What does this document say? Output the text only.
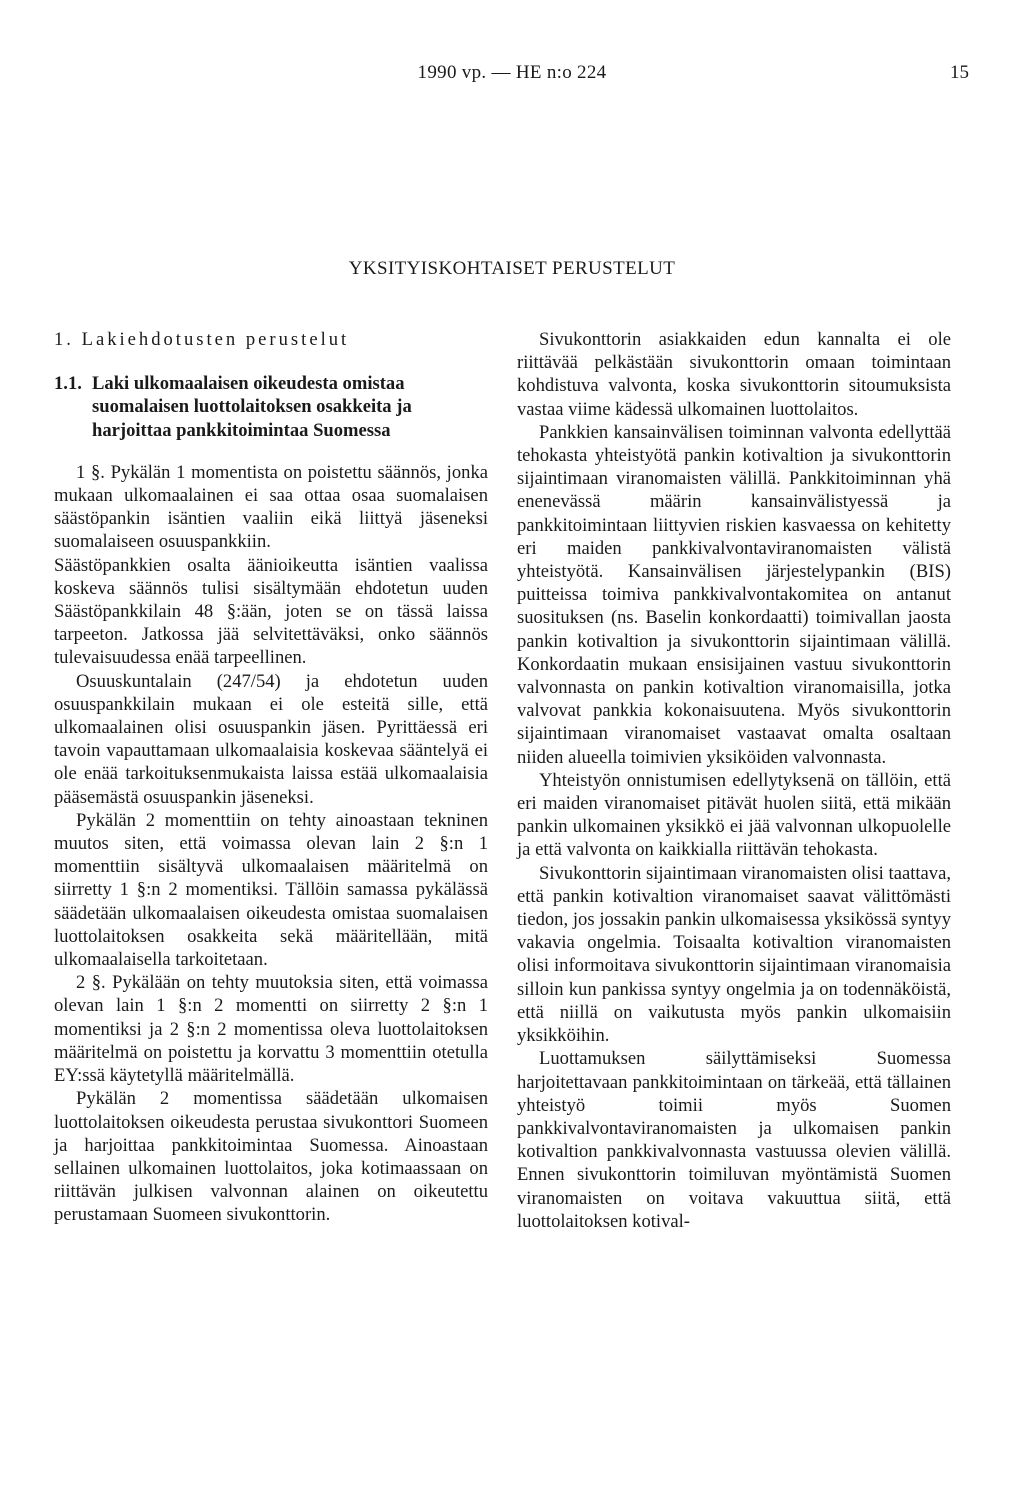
1990 vp. — HE n:o 224	15
YKSITYISKOHTAISET PERUSTELUT
1. Lakiehdotusten perustelut
1.1. Laki ulkomaalaisen oikeudesta omistaa suomalaisen luottolaitoksen osakkeita ja harjoittaa pankkitoimintaa Suomessa

1 §. Pykälän 1 momentista on poistettu säännös, jonka mukaan ulkomaalainen ei saa ottaa osaa suomalaisen säästöpankin isäntien vaaliin eikä liittyä jäseneksi suomalaiseen osuuspankkiin.

Säästöpankkien osalta äänioikeutta isäntien vaalissa koskeva säännös tulisi sisältymään ehdotetun uuden Säästöpankkilain 48 §:ään, joten se on tässä laissa tarpeeton. Jatkossa jää selvitettäväksi, onko säännös tulevaisuudessa enää tarpeellinen.

Osuuskuntalain (247/54) ja ehdotetun uuden osuuspankkilain mukaan ei ole esteitä sille, että ulkomaalainen olisi osuuspankin jäsen. Pyrittäessä eri tavoin vapauttamaan ulkomaalaisia koskevaa sääntelyä ei ole enää tarkoituksenmukaista laissa estää ulkomaalaisia pääsemästä osuuspankin jäseneksi.

Pykälän 2 momenttiin on tehty ainoastaan tekninen muutos siten, että voimassa olevan lain 2 §:n 1 momenttiin sisältyvä ulkomaalaisen määritelmä on siirretty 1 §:n 2 momentiksi. Tällöin samassa pykälässä säädetään ulkomaalaisen oikeudesta omistaa suomalaisen luottolaitoksen osakkeita sekä määritellään, mitä ulkomaalaisella tarkoitetaan.

2 §. Pykälään on tehty muutoksia siten, että voimassa olevan lain 1 §:n 2 momentti on siirretty 2 §:n 1 momentiksi ja 2 §:n 2 momentissa oleva luottolaitoksen määritelmä on poistettu ja korvattu 3 momenttiin otetulla EY:ssä käytetyllä määritelmällä.

Pykälän 2 momentissa säädetään ulkomaisen luottolaitoksen oikeudesta perustaa sivukonttori Suomeen ja harjoittaa pankkitoimintaa Suomessa. Ainoastaan sellainen ulkomainen luottolaitos, joka kotimaassaan on riittävän julkisen valvonnan alainen on oikeutettu perustamaan Suomeen sivukonttorin.

Sivukonttorin asiakkaiden edun kannalta ei ole riittävää pelkästään sivukonttorin omaan toimintaan kohdistuva valvonta, koska sivukonttorin sitoumuksista vastaa viime kädessä ulkomainen luottolaitos.

Pankkien kansainvälisen toiminnan valvonta edellyttää tehokasta yhteistyötä pankin kotivaltion ja sivukonttorin sijaintimaan viranomaisten välillä. Pankkitoiminnan yhä enenevässä määrin kansainvälistyessä ja pankkitoimintaan liittyvien riskien kasvaessa on kehitetty eri maiden pankkivalvontaviranomaisten välistä yhteistyötä. Kansainvälisen järjestelypankin (BIS) puitteissa toimiva pankkivalvontakomitea on antanut suosituksen (ns. Baselin konkordaatti) toimivallan jaosta pankin kotivaltion ja sivukonttorin sijaintimaan välillä. Konkordaatin mukaan ensisijainen vastuu sivukonttorin valvonnasta on pankin kotivaltion viranomaisilla, jotka valvovat pankkia kokonaisuutena. Myös sivukonttorin sijaintimaan viranomaiset vastaavat omalta osaltaan niiden alueella toimivien yksiköiden valvonnasta.

Yhteistyön onnistumisen edellytyksenä on tällöin, että eri maiden viranomaiset pitävät huolen siitä, että mikään pankin ulkomainen yksikkö ei jää valvonnan ulkopuolelle ja että valvonta on kaikkialla riittävän tehokasta.

Sivukonttorin sijaintimaan viranomaisten olisi taattava, että pankin kotivaltion viranomaiset saavat välittömästi tiedon, jos jossakin pankin ulkomaisessa yksikössä syntyy vakavia ongelmia. Toisaalta kotivaltion viranomaisten olisi informoitava sivukonttorin sijaintimaan viranomaisia silloin kun pankissa syntyy ongelmia ja on todennäköistä, että niillä on vaikutusta myös pankin ulkomaisiin yksikköihin.

Luottamuksen säilyttämiseksi Suomessa harjoitettavaan pankkitoimintaan on tärkeää, että tällainen yhteistyö toimii myös Suomen pankkivalvontaviranomaisten ja ulkomaisen pankin kotivaltion pankkivalvonnasta vastuussa olevien välillä. Ennen sivukonttorin toimiluvan myöntämistä Suomen viranomaisten on voitava vakuuttua siitä, että luottolaitoksen kotival-
